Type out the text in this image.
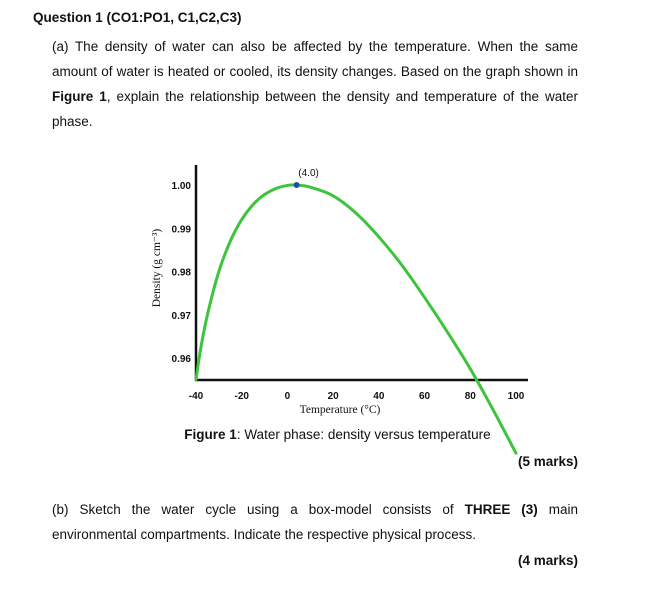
Question 1 (CO1:PO1, C1,C2,C3)
(a) The density of water can also be affected by the temperature. When the same amount of water is heated or cooled, its density changes. Based on the graph shown in Figure 1, explain the relationship between the density and temperature of the water phase.
1.00
0.99
0.98
0.97
0.96
-40	-20	0	20	40	60	80	100
Temperature (°C)
Density (g cm⁻³)
(4.0)
Figure 1: Water phase: density versus temperature
(5 marks)
(b) Sketch the water cycle using a box-model consists of THREE (3) main environmental compartments. Indicate the respective physical process.
(4 marks)
